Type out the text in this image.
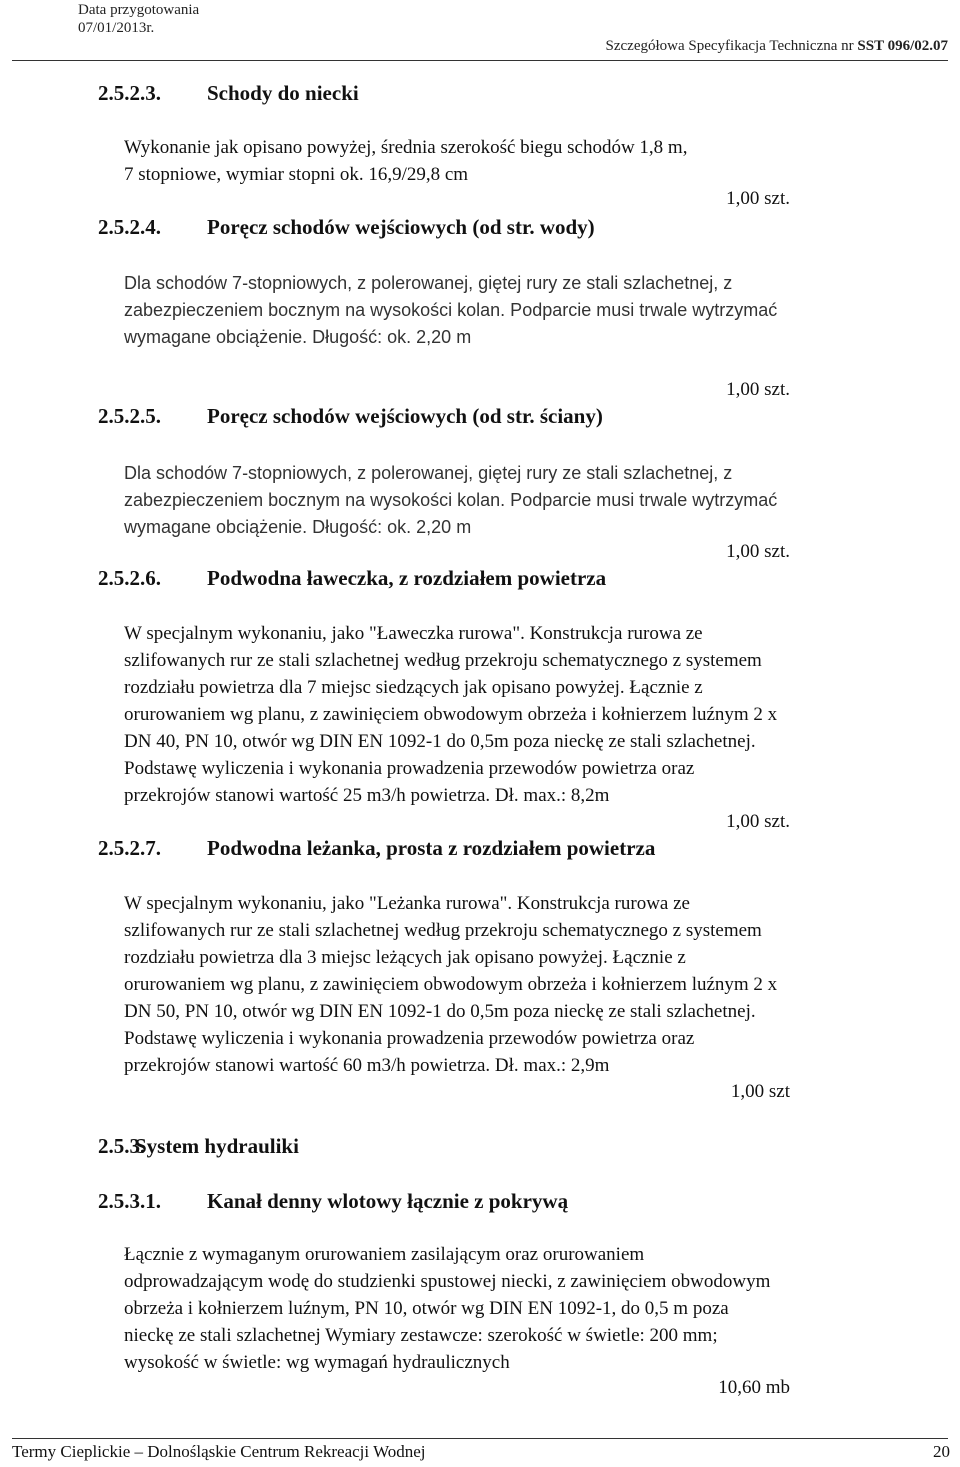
Data przygotowania
07/01/2013r.
Szczegółowa Specyfikacja Techniczna nr SST 096/02.07
2.5.2.3. Schody do niecki
Wykonanie jak opisano powyżej, średnia szerokość biegu schodów 1,8 m,
7 stopniowe, wymiar stopni ok. 16,9/29,8 cm
1,00 szt.
2.5.2.4. Poręcz schodów wejściowych (od str. wody)
Dla schodów 7-stopniowych, z polerowanej, giętej rury ze stali szlachetnej, z
zabezpieczeniem bocznym na wysokości kolan. Podparcie musi trwale wytrzymać
wymagane obciążenie. Długość: ok. 2,20 m
1,00 szt.
2.5.2.5. Poręcz schodów wejściowych (od str. ściany)
Dla schodów 7-stopniowych, z polerowanej, giętej rury ze stali szlachetnej, z
zabezpieczeniem bocznym na wysokości kolan. Podparcie musi trwale wytrzymać
wymagane obciążenie. Długość: ok. 2,20 m
1,00 szt.
2.5.2.6. Podwodna ławeczka, z rozdziałem powietrza
W specjalnym wykonaniu, jako "Ławeczka rurowa". Konstrukcja rurowa ze
szlifowanych rur ze stali szlachetnej według przekroju schematycznego z systemem
rozdziału powietrza dla 7 miejsc siedzących jak opisano powyżej. Łącznie z
orurowaniem wg planu, z zawinięciem obwodowym obrzeża i kołnierzem luźnym 2 x
DN 40, PN 10, otwór wg DIN EN 1092-1 do 0,5m poza nieckę ze stali szlachetnej.
Podstawę wyliczenia i wykonania prowadzenia przewodów powietrza oraz
przekrojów stanowi wartość 25 m3/h powietrza. Dł. max.: 8,2m
1,00 szt.
2.5.2.7. Podwodna leżanka, prosta z rozdziałem powietrza
W specjalnym wykonaniu, jako "Leżanka rurowa". Konstrukcja rurowa ze
szlifowanych rur ze stali szlachetnej według przekroju schematycznego z systemem
rozdziału powietrza dla 3 miejsc leżących jak opisano powyżej. Łącznie z
orurowaniem wg planu, z zawinięciem obwodowym obrzeża i kołnierzem luźnym 2 x
DN 50, PN 10, otwór wg DIN EN 1092-1 do 0,5m poza nieckę ze stali szlachetnej.
Podstawę wyliczenia i wykonania prowadzenia przewodów powietrza oraz
przekrojów stanowi wartość 60 m3/h powietrza. Dł. max.: 2,9m
1,00 szt
2.5.3.
System hydrauliki
2.5.3.1. Kanał denny wlotowy łącznie z pokrywą
Łącznie z wymaganym orurowaniem zasilającym oraz orurowaniem
odprowadzającym wodę do studzienki spustowej niecki, z zawinięciem obwodowym
obrzeża i kołnierzem luźnym, PN 10, otwór wg DIN EN 1092-1, do 0,5 m poza
nieckę ze stali szlachetnej Wymiary zestawcze: szerokość w świetle: 200 mm;
wysokość w świetle: wg wymagań hydraulicznych
10,60 mb
Termy Cieplickie – Dolnośląskie Centrum Rekreacji Wodnej	20
